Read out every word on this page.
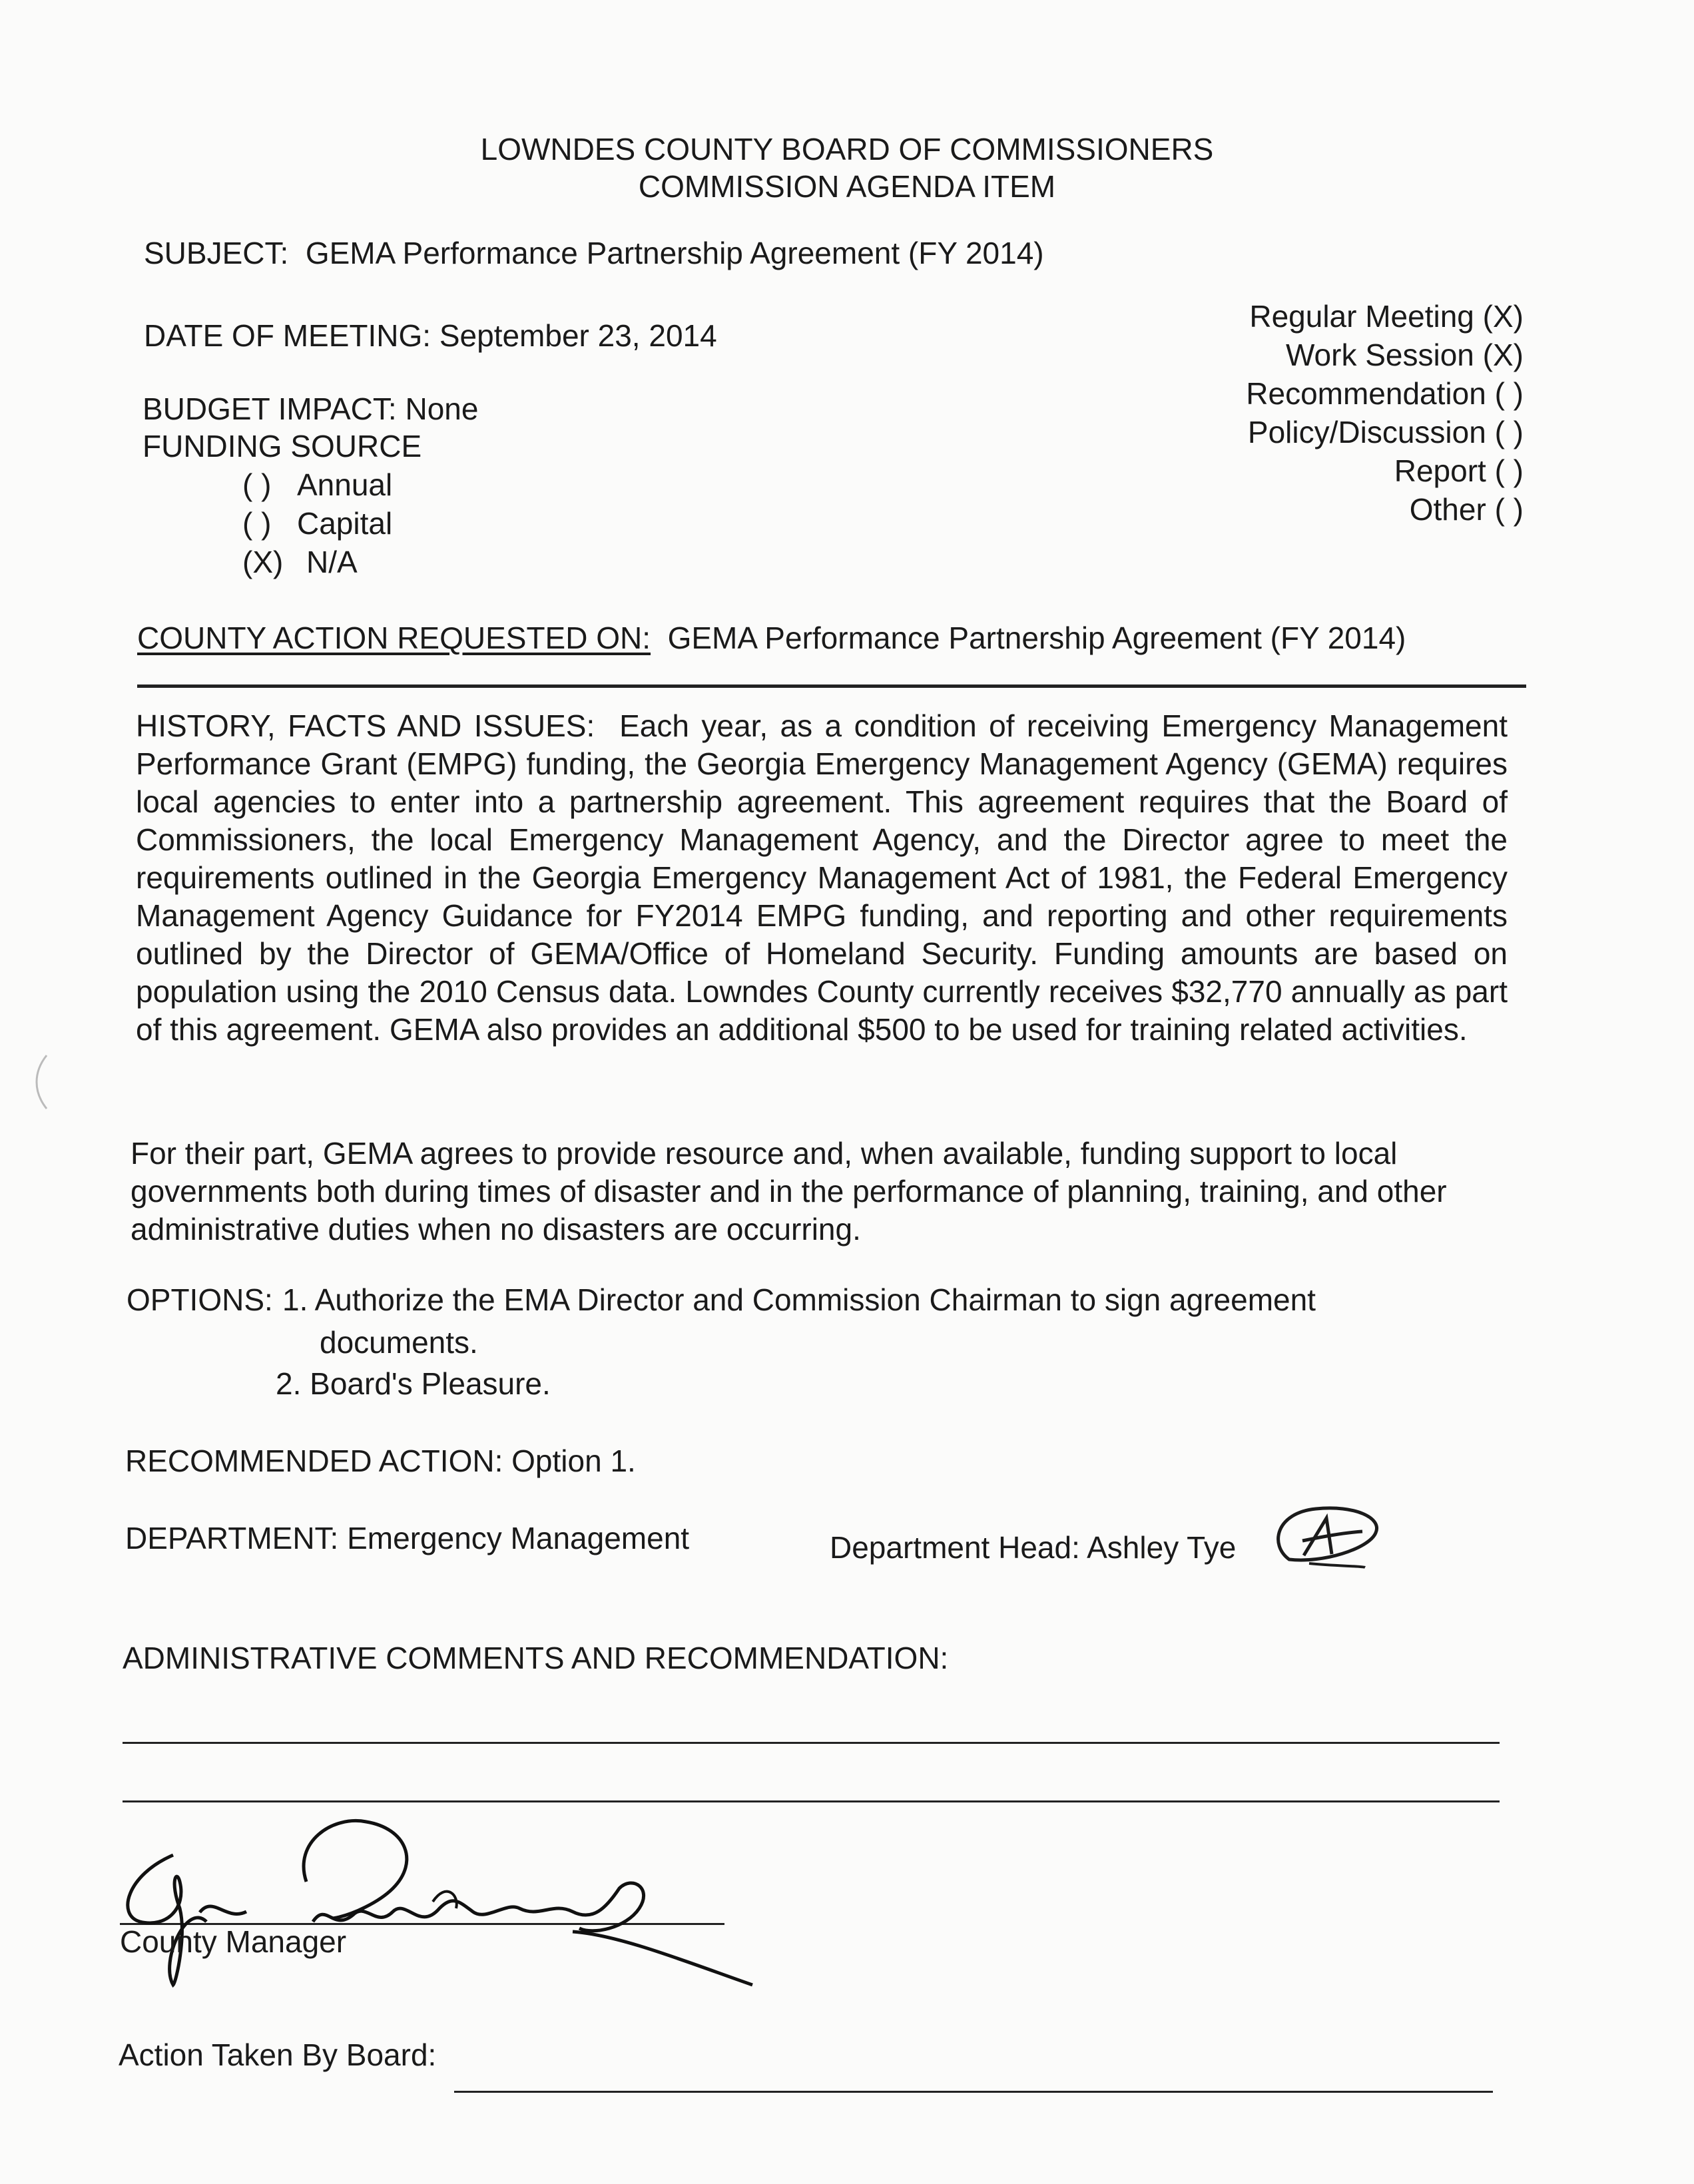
LOWNDES COUNTY BOARD OF COMMISSIONERS
COMMISSION AGENDA ITEM
SUBJECT: GEMA Performance Partnership Agreement (FY 2014)
DATE OF MEETING: September 23, 2014
Regular Meeting (X)
Work Session (X)
Recommendation ( )
Policy/Discussion ( )
Report ( )
Other ( )
BUDGET IMPACT: None
FUNDING SOURCE
( ) Annual
( ) Capital
(X) N/A
COUNTY ACTION REQUESTED ON: GEMA Performance Partnership Agreement (FY 2014)
HISTORY, FACTS AND ISSUES: Each year, as a condition of receiving Emergency Management Performance Grant (EMPG) funding, the Georgia Emergency Management Agency (GEMA) requires local agencies to enter into a partnership agreement. This agreement requires that the Board of Commissioners, the local Emergency Management Agency, and the Director agree to meet the requirements outlined in the Georgia Emergency Management Act of 1981, the Federal Emergency Management Agency Guidance for FY2014 EMPG funding, and reporting and other requirements outlined by the Director of GEMA/Office of Homeland Security. Funding amounts are based on population using the 2010 Census data. Lowndes County currently receives $32,770 annually as part of this agreement. GEMA also provides an additional $500 to be used for training related activities.
For their part, GEMA agrees to provide resource and, when available, funding support to local governments both during times of disaster and in the performance of planning, training, and other administrative duties when no disasters are occurring.
OPTIONS: 1. Authorize the EMA Director and Commission Chairman to sign agreement
documents.
2. Board's Pleasure.
RECOMMENDED ACTION: Option 1.
DEPARTMENT: Emergency Management	Department Head: Ashley Tye
ADMINISTRATIVE COMMENTS AND RECOMMENDATION:
County Manager
Action Taken By Board:
